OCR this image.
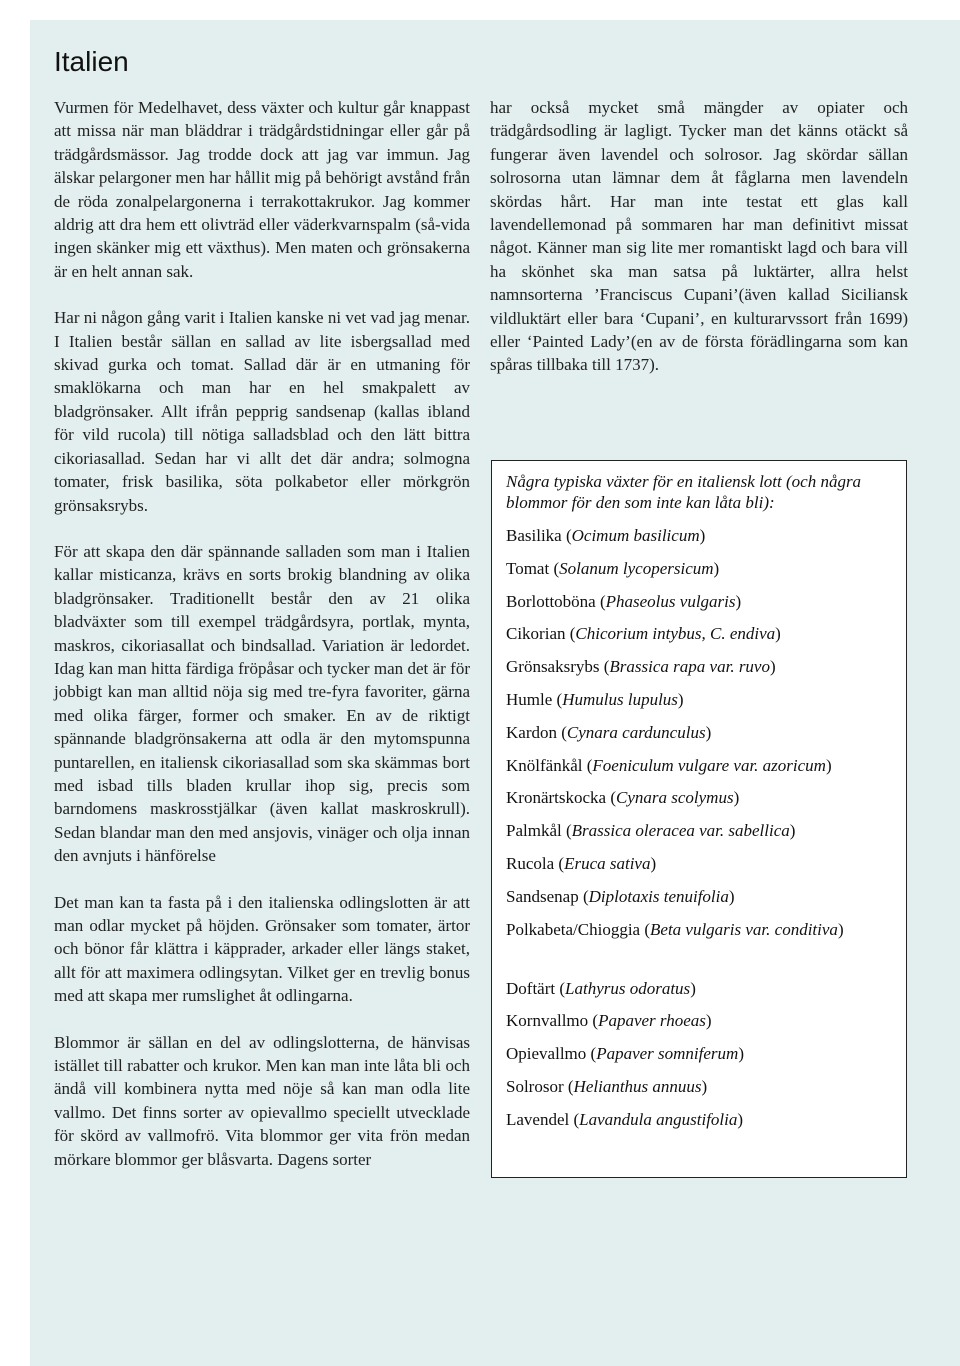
Italien

Vurmen för Medelhavet, dess växter och kultur går knappast att missa när man bläddrar i trädgårdstidningar eller går på trädgårdsmässor. Jag trodde dock att jag var immun. Jag älskar pelargoner men har hållit mig på behörigt avstånd från de röda zonalpelargonerna i terrakottakrukor. Jag kommer aldrig att dra hem ett olivträd eller väderkvarnspalm (så-vida ingen skänker mig ett växthus). Men maten och grönsakerna är en helt annan sak.

Har ni någon gång varit i Italien kanske ni vet vad jag menar. I Italien består sällan en sallad av lite isbergsallad med skivad gurka och tomat. Sallad där är en utmaning för smaklökarna och man har en hel smakpalett av bladgrönsaker. Allt ifrån pepprig sandsenap (kallas ibland för vild rucola) till nötiga salladsblad och den lätt bittra cikoriasallad. Sedan har vi allt det där andra; solmogna tomater, frisk basilika, söta polkabetor eller mörkgrön grönsaksrybs.

För att skapa den där spännande salladen som man i Italien kallar misticanza, krävs en sorts brokig blandning av olika bladgrönsaker. Traditionellt består den av 21 olika bladväxter som till exempel trädgårdsyra, portlak, mynta, maskros, cikoriasallat och bindsallad. Variation är ledordet. Idag kan man hitta färdiga fröpåsar och tycker man det är för jobbigt kan man alltid nöja sig med tre-fyra favoriter, gärna med olika färger, former och smaker. En av de riktigt spännande bladgrönsakerna att odla är den mytomspunna puntarellen, en italiensk cikoriasallad som ska skämmas bort med isbad tills bladen krullar ihop sig, precis som barndomens maskrosstjälkar (även kallat maskroskrull). Sedan blandar man den med ansjovis, vinäger och olja innan den avnjuts i hänförelse

Det man kan ta fasta på i den italienska odlingslotten är att man odlar mycket på höjden. Grönsaker som tomater, ärtor och bönor får klättra i käpprader, arkader eller längs staket, allt för att maximera odlingsytan. Vilket ger en trevlig bonus med att skapa mer rumslighet åt odlingarna.

Blommor är sällan en del av odlingslotterna, de hänvisas istället till rabatter och krukor. Men kan man inte låta bli och ändå vill kombinera nytta med nöje så kan man odla lite vallmo. Det finns sorter av opievallmo speciellt utvecklade för skörd av vallmofrö. Vita blommor ger vita frön medan mörkare blommor ger blåsvarta. Dagens sorter

har också mycket små mängder av opiater och trädgårdsodling är lagligt. Tycker man det känns otäckt så fungerar även lavendel och solrosor. Jag skördar sällan solrosorna utan lämnar dem åt fåglarna men lavendeln skördas hårt. Har man inte testat ett glas kall lavendellemonad på sommaren har man definitivt missat något. Känner man sig lite mer romantiskt lagd och bara vill ha skönhet ska man satsa på luktärter, allra helst namnsorterna ’Franciscus Cupani’(även kallad Siciliansk vildluktärt eller bara ‘Cupani’, en kulturarvssort från 1699) eller ‘Painted Lady’(en av de första förädlingarna som kan spåras tillbaka till 1737).

Några typiska växter för en italiensk lott (och några blommor för den som inte kan låta bli):

Basilika (Ocimum basilicum)
Tomat (Solanum lycopersicum)
Borlottoböna (Phaseolus vulgaris)
Cikorian (Chicorium intybus, C. endiva)
Grönsaksrybs (Brassica rapa var. ruvo)
Humle (Humulus lupulus)
Kardon (Cynara cardunculus)
Knölfänkål (Foeniculum vulgare var. azoricum)
Kronärtskocka (Cynara scolymus)
Palmkål (Brassica oleracea var. sabellica)
Rucola (Eruca sativa)
Sandsenap (Diplotaxis tenuifolia)
Polkabeta/Chioggia (Beta vulgaris var. conditiva)
Doftärt (Lathyrus odoratus)
Kornvallmo (Papaver rhoeas)
Opievallmo (Papaver somniferum)
Solrosor (Helianthus annuus)
Lavendel (Lavandula angustifolia)
